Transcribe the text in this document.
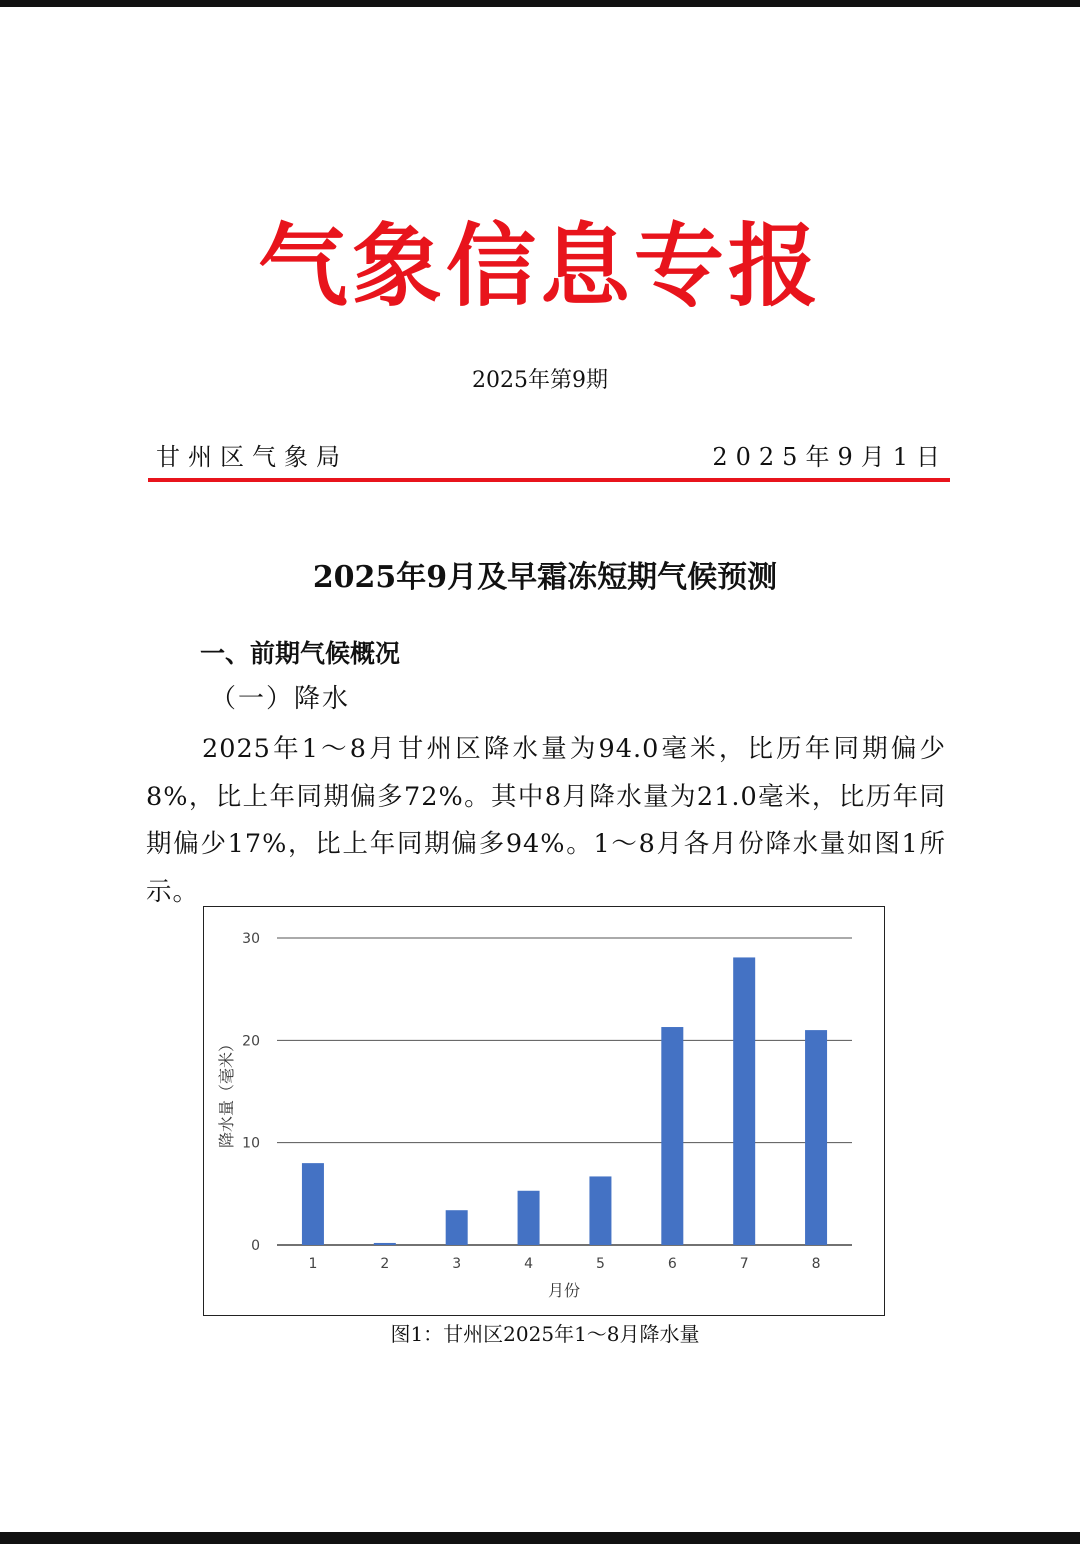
气象信息专报
2025年第9期
甘州区气象局	2025年9月1日
2025年9月及早霜冻短期气候预测
一、前期气候概况
（一）降水
2025年1～8月甘州区降水量为94.0毫米，比历年同期偏少8%，比上年同期偏多72%。其中8月降水量为21.0毫米，比历年同期偏少17%，比上年同期偏多94%。1～8月各月份降水量如图1所示。
0
10
20
30
1	2	3	4	5	6	7	8
月份
降水量（毫米）
图1：甘州区2025年1～8月降水量
